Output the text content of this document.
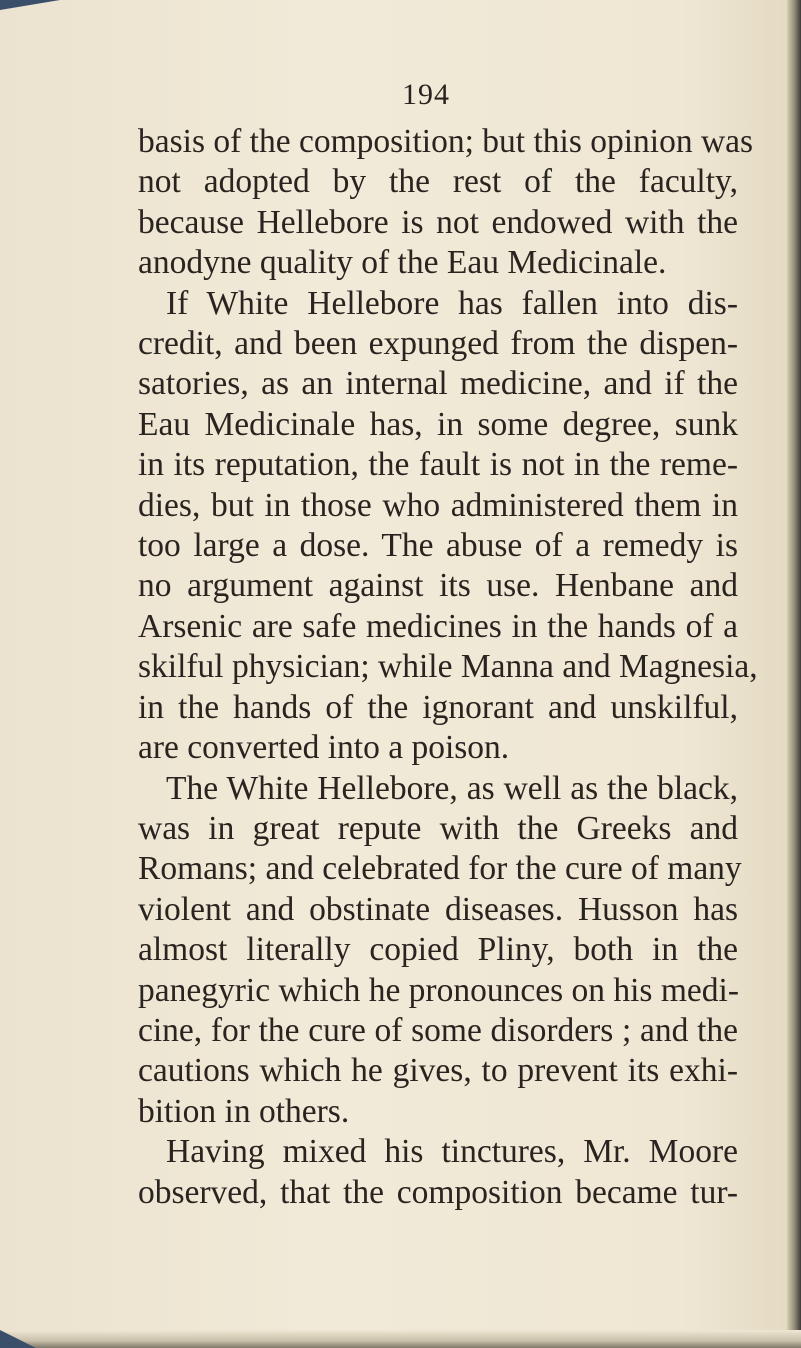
194
basis of the composition; but this opinion was
not adopted by the rest of the faculty,
because Hellebore is not endowed with the
anodyne quality of the Eau Medicinale.
If White Hellebore has fallen into dis-
credit, and been expunged from the dispen-
satories, as an internal medicine, and if the
Eau Medicinale has, in some degree, sunk
in its reputation, the fault is not in the reme-
dies, but in those who administered them in
too large a dose. The abuse of a remedy is
no argument against its use. Henbane and
Arsenic are safe medicines in the hands of a
skilful physician; while Manna and Magnesia,
in the hands of the ignorant and unskilful,
are converted into a poison.
The White Hellebore, as well as the black,
was in great repute with the Greeks and
Romans; and celebrated for the cure of many
violent and obstinate diseases. Husson has
almost literally copied Pliny, both in the
panegyric which he pronounces on his medi-
cine, for the cure of some disorders ; and the
cautions which he gives, to prevent its exhi-
bition in others.
Having mixed his tinctures, Mr. Moore
observed, that the composition became tur-
